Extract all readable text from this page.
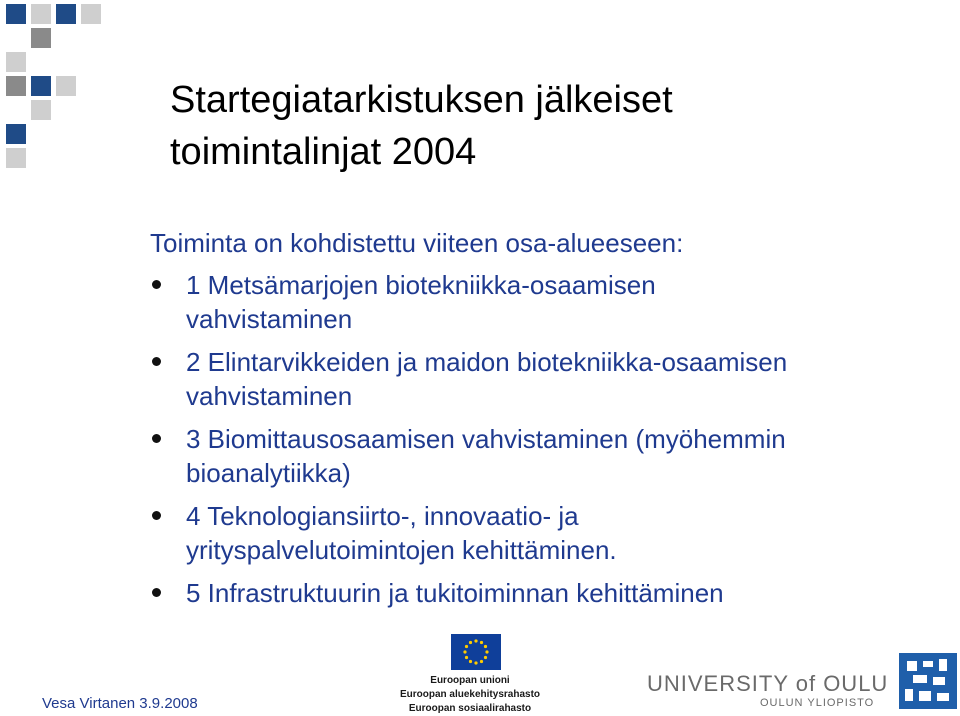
Startegiatarkistuksen jälkeiset
toimintalinjat 2004
Toiminta on kohdistettu viiteen osa-alueeseen:
1 Metsämarjojen biotekniikka-osaamisen vahvistaminen
2 Elintarvikkeiden ja maidon biotekniikka-osaamisen vahvistaminen
3 Biomittausosaamisen vahvistaminen (myöhemmin bioanalytiikka)
4 Teknologiansiirto-, innovaatio- ja yrityspalvelutoimintojen kehittäminen.
5 Infrastruktuurin ja tukitoiminnan kehittäminen
Vesa Virtanen 3.9.2008
Euroopan unioni
Euroopan aluekehitysrahasto
Euroopan sosiaalirahasto
UNIVERSITY of OULU
OULUN YLIOPISTO
